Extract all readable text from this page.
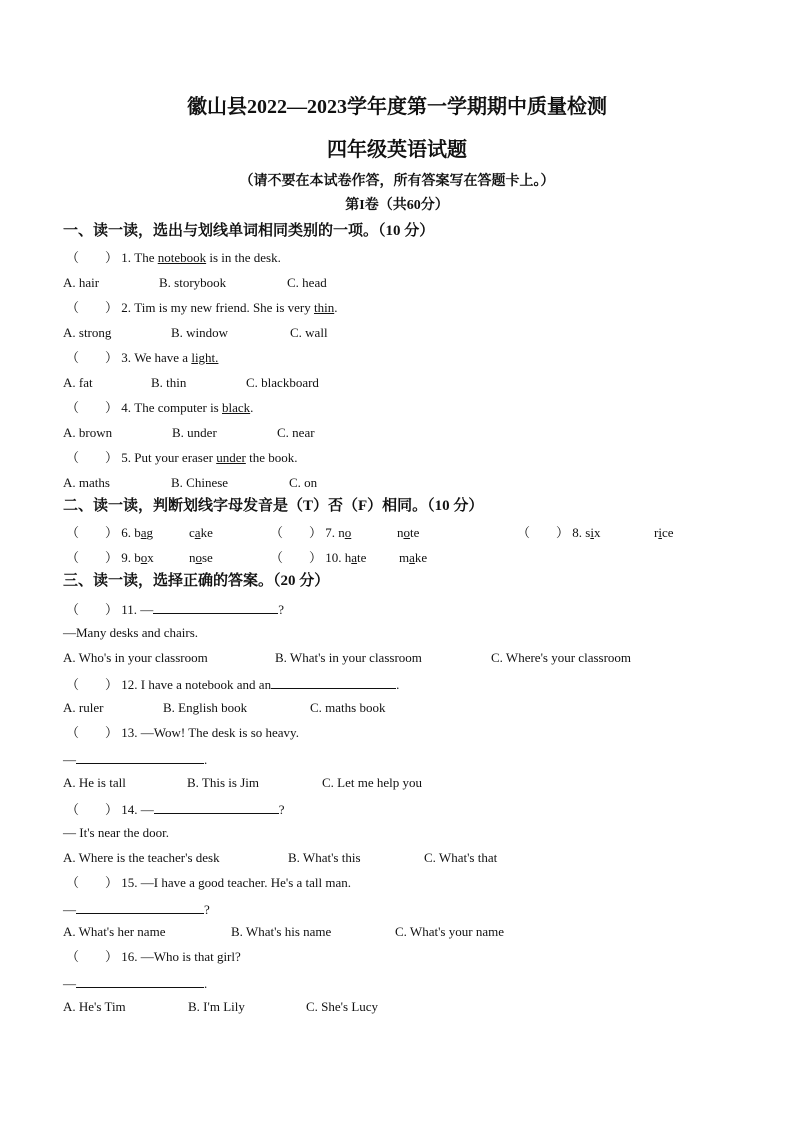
徽山县2022—2023学年度第一学期期中质量检测
四年级英语试题
（请不要在本试卷作答，所有答案写在答题卡上。）
第I卷（共60分）
一、读一读，选出与划线单词相同类别的一项。（10 分）
（　　） 1. The notebook is in the desk.
A. hair	B. storybook	C. head
（　　） 2. Tim is my new friend. She is very thin.
A. strong	B. window	C. wall
（　　） 3. We have a light.
A. fat	B. thin	C. blackboard
（　　） 4. The computer is black.
A. brown	B. under	C. near
（　　） 5. Put your eraser under the book.
A. maths	B. Chinese	C. on
二、读一读，判断划线字母发音是（T）否（F）相同。（10 分）
（　　） 6. bag	cake	（　　） 7. no	note	（　　） 8. six	rice
（　　） 9. box	nose	（　　） 10. hate	make
三、读一读，选择正确的答案。（20 分）
（　　） 11. —	?
—Many desks and chairs.
A. Who's in your classroom	B. What's in your classroom	C. Where's your classroom
（　　） 12. I have a notebook and an	.
A. ruler	B. English book	C. maths book
（　　） 13. —Wow! The desk is so heavy.
—	.
A. He is tall	B. This is Jim	C. Let me help you
（　　） 14. —	?
— It's near the door.
A. Where is the teacher's desk	B. What's this	C. What's that
（　　） 15. —I have a good teacher. He's a tall man.
—	?
A. What's her name	B. What's his name	C. What's your name
（　　） 16. —Who is that girl?
—	.
A. He's Tim	B. I'm Lily	C. She's Lucy
